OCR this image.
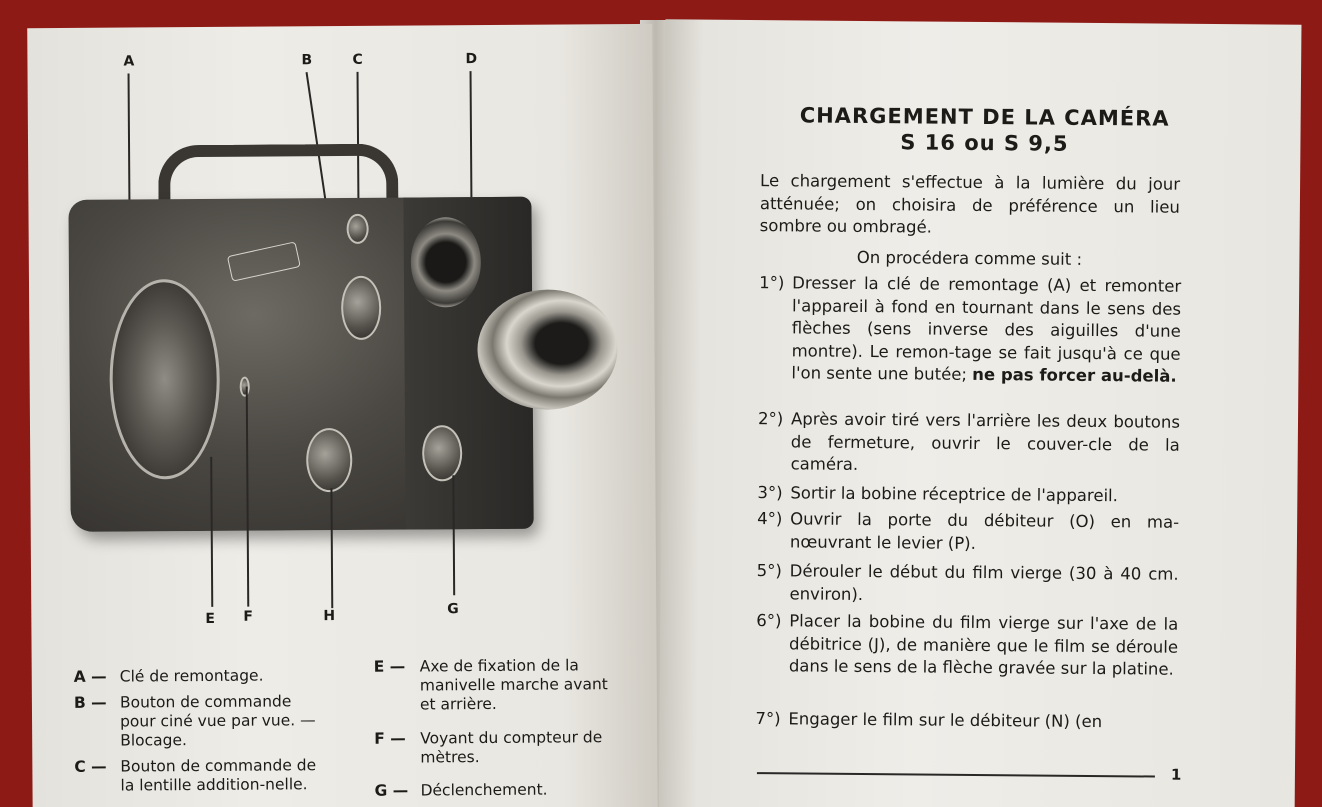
A	B	C	D
E F	H	G
A — Clé de remontage.
B — Bouton de commande pour ciné vue par vue. — Blocage.
C — Bouton de commande de la lentille addition-nelle.
E — Axe de fixation de la manivelle marche avant et arrière.
F — Voyant du compteur de mètres.
G — Déclenchement.
CHARGEMENT DE LA CAMÉRA
S 16 ou S 9,5
Le chargement s'effectue à la lumière du jour atténuée; on choisira de préférence un lieu sombre ou ombragé.
On procédera comme suit :
1°) Dresser la clé de remontage (A) et remonter l'appareil à fond en tournant dans le sens des flèches (sens inverse des aiguilles d'une montre). Le remon-tage se fait jusqu'à ce que l'on sente une butée; ne pas forcer au-delà.
2°) Après avoir tiré vers l'arrière les deux boutons de fermeture, ouvrir le couver-cle de la caméra.
3°) Sortir la bobine réceptrice de l'appareil.
4°) Ouvrir la porte du débiteur (O) en ma-nœuvrant le levier (P).
5°) Dérouler le début du film vierge (30 à 40 cm. environ).
6°) Placer la bobine du film vierge sur l'axe de la débitrice (J), de manière que le film se déroule dans le sens de la flèche gravée sur la platine.
7°) Engager le film sur le débiteur (N) (en
1
